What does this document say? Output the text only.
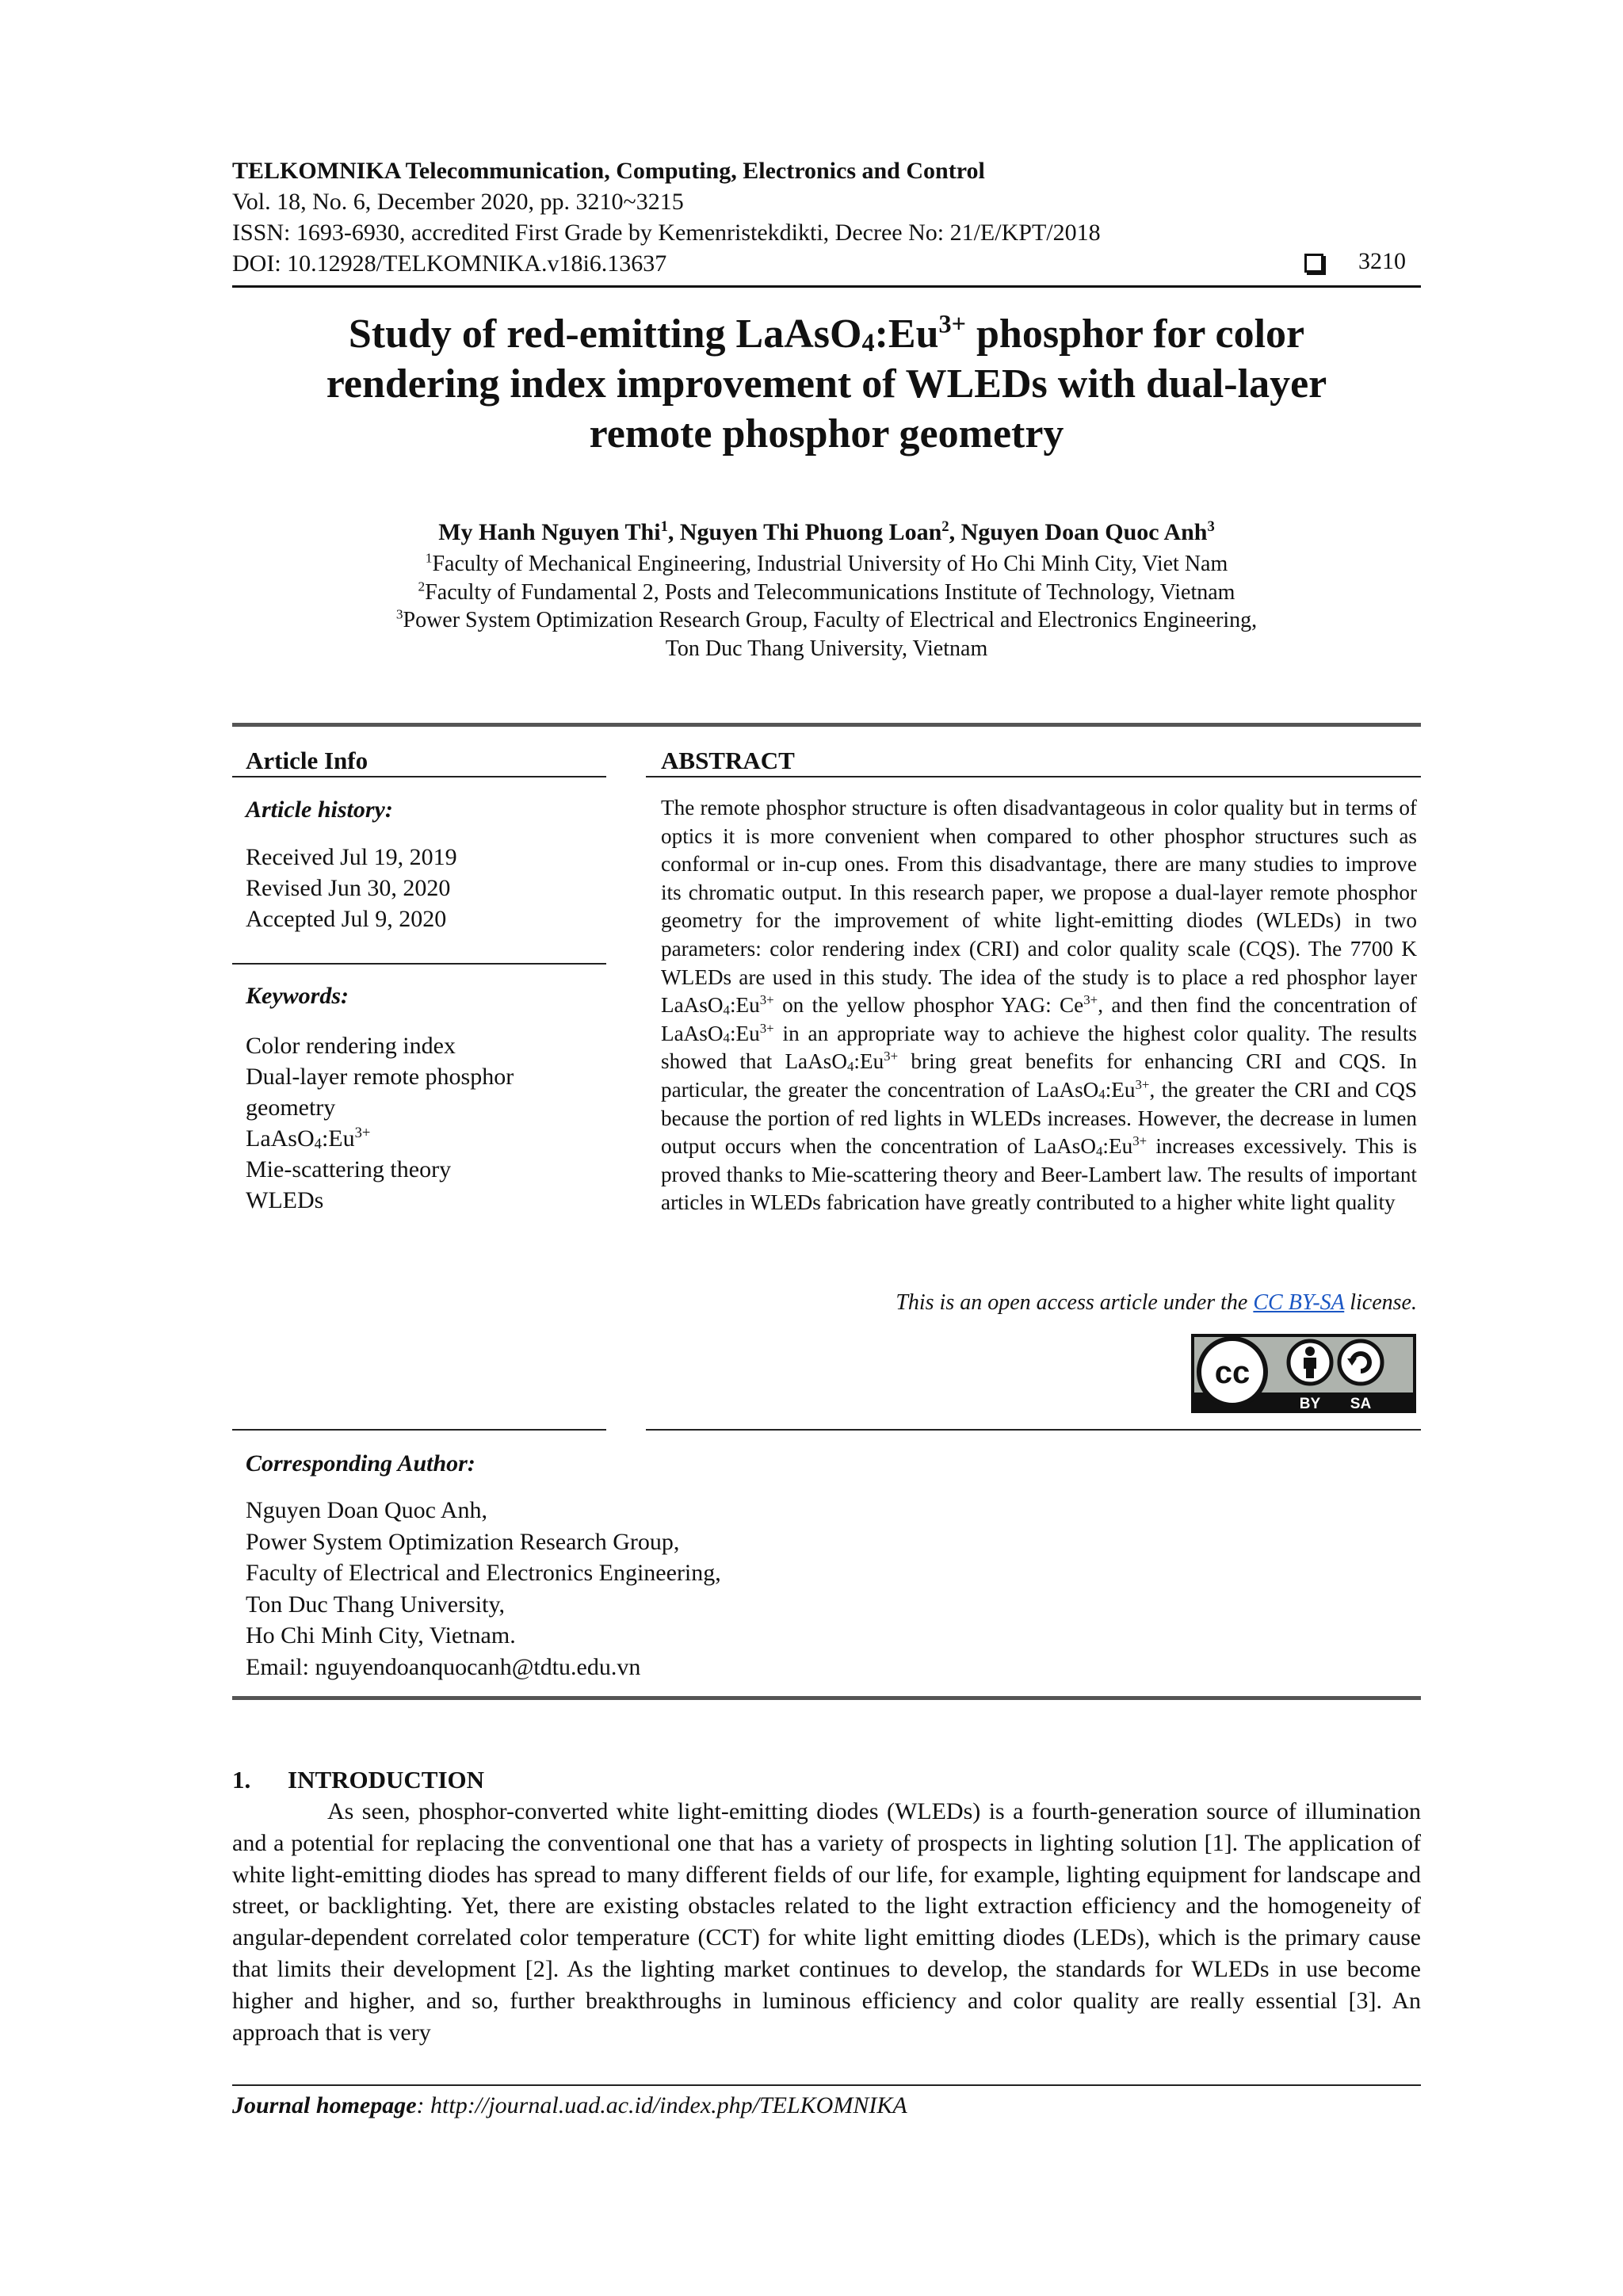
TELKOMNIKA Telecommunication, Computing, Electronics and Control
Vol. 18, No. 6, December 2020, pp. 3210~3215
ISSN: 1693-6930, accredited First Grade by Kemenristekdikti, Decree No: 21/E/KPT/2018
DOI: 10.12928/TELKOMNIKA.v18i6.13637	3210
Study of red-emitting $LaAsO_4:Eu^{3+}$ phosphor for color
rendering index improvement of WLEDs with dual-layer
remote phosphor geometry
My Hanh Nguyen Thi$^1$, Nguyen Thi Phuong Loan$^2$, Nguyen Doan Quoc Anh$^3$
$^1$Faculty of Mechanical Engineering, Industrial University of Ho Chi Minh City, Viet Nam
$^2$Faculty of Fundamental 2, Posts and Telecommunications Institute of Technology, Vietnam
$^3$Power System Optimization Research Group, Faculty of Electrical and Electronics Engineering,
Ton Duc Thang University, Vietnam
Article Info	ABSTRACT
Article history:
Received Jul 19, 2019
Revised Jun 30, 2020
Accepted Jul 9, 2020
Keywords:
Color rendering index
Dual-layer remote phosphor
geometry
$LaAsO_4:Eu^{3+}$
Mie-scattering theory
WLEDs
The remote phosphor structure is often disadvantageous in color quality but in terms of optics it is more convenient when compared to other phosphor structures such as conformal or in-cup ones. From this disadvantage, there are many studies to improve its chromatic output. In this research paper, we propose a dual-layer remote phosphor geometry for the improvement of white light-emitting diodes (WLEDs) in two parameters: color rendering index (CRI) and color quality scale (CQS). The 7700 K WLEDs are used in this study. The idea of the study is to place a red phosphor layer $LaAsO_4:Eu^{3+}$ on the yellow phosphor YAG: $Ce^{3+}$, and then find the concentration of $LaAsO_4:Eu^{3+}$ in an appropriate way to achieve the highest color quality. The results showed that $LaAsO_4:Eu^{3+}$ bring great benefits for enhancing CRI and CQS. In particular, the greater the concentration of $LaAsO_4:Eu^{3+}$, the greater the CRI and CQS because the portion of red lights in WLEDs increases. However, the decrease in lumen output occurs when the concentration of $LaAsO_4:Eu^{3+}$ increases excessively. This is proved thanks to Mie-scattering theory and Beer-Lambert law. The results of important articles in WLEDs fabrication have greatly contributed to a higher white light quality
This is an open access article under the CC BY-SA license.
cc
BY SA
Corresponding Author:
Nguyen Doan Quoc Anh,
Power System Optimization Research Group,
Faculty of Electrical and Electronics Engineering,
Ton Duc Thang University,
Ho Chi Minh City, Vietnam.
Email: nguyendoanquocanh@tdtu.edu.vn
1. INTRODUCTION
As seen, phosphor-converted white light-emitting diodes (WLEDs) is a fourth-generation source of illumination and a potential for replacing the conventional one that has a variety of prospects in lighting solution [1]. The application of white light-emitting diodes has spread to many different fields of our life, for example, lighting equipment for landscape and street, or backlighting. Yet, there are existing obstacles related to the light extraction efficiency and the homogeneity of angular-dependent correlated color temperature (CCT) for white light emitting diodes (LEDs), which is the primary cause that limits their development [2]. As the lighting market continues to develop, the standards for WLEDs in use become higher and higher, and so, further breakthroughs in luminous efficiency and color quality are really essential [3]. An approach that is very
Journal homepage: http://journal.uad.ac.id/index.php/TELKOMNIKA
